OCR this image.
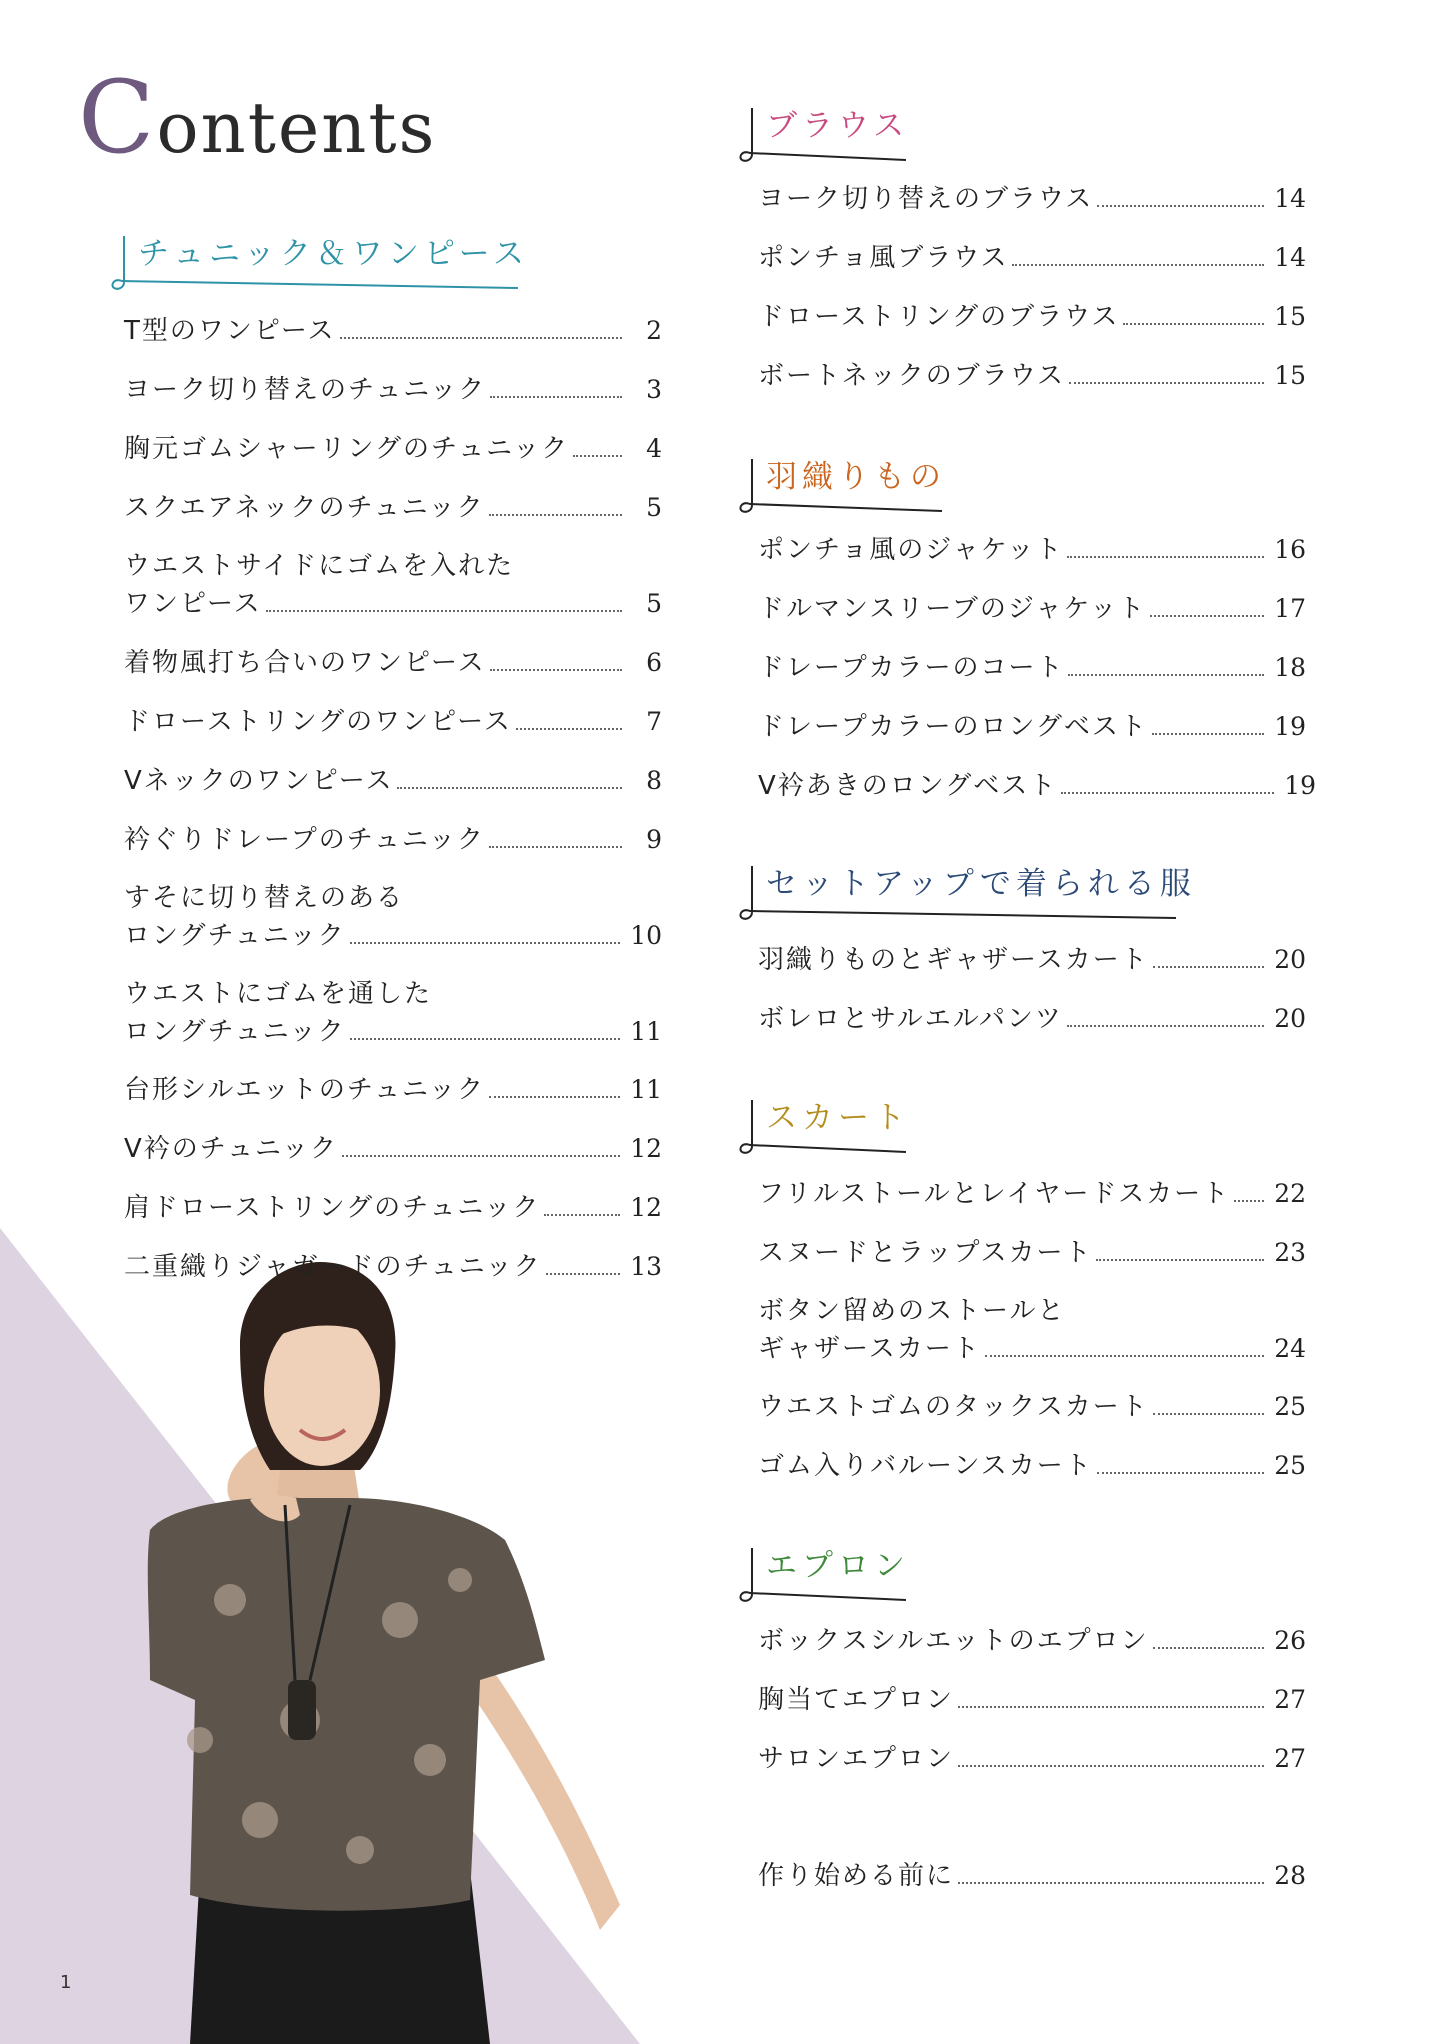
Contents
チュニック＆ワンピース
T型のワンピース	2
ヨーク切り替えのチュニック	3
胸元ゴムシャーリングのチュニック	4
スクエアネックのチュニック	5
ウエストサイドにゴムを入れた
ワンピース	5
着物風打ち合いのワンピース	6
ドローストリングのワンピース	7
Vネックのワンピース	8
衿ぐりドレープのチュニック	9
すそに切り替えのある
ロングチュニック	10
ウエストにゴムを通した
ロングチュニック	11
台形シルエットのチュニック	11
V衿のチュニック	12
肩ドローストリングのチュニック	12
二重織りジャガードのチュニック	13
ブラウス
ヨーク切り替えのブラウス	14
ポンチョ風ブラウス	14
ドローストリングのブラウス	15
ボートネックのブラウス	15
羽織りもの
ポンチョ風のジャケット	16
ドルマンスリーブのジャケット	17
ドレープカラーのコート	18
ドレープカラーのロングベスト	19
V衿あきのロングベスト	19
セットアップで着られる服
羽織りものとギャザースカート	20
ボレロとサルエルパンツ	20
スカート
フリルストールとレイヤードスカート 22
スヌードとラップスカート	23
ボタン留めのストールと
ギャザースカート	24
ウエストゴムのタックスカート	25
ゴム入りバルーンスカート	25
エプロン
ボックスシルエットのエプロン	26
胸当てエプロン	27
サロンエプロン	27
作り始める前に	28
1
